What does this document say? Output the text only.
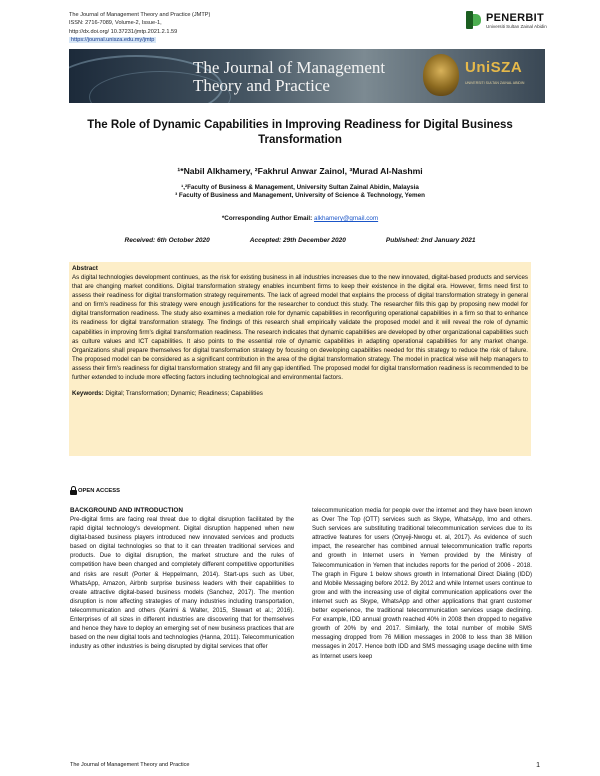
The Journal of Management Theory and Practice (JMTP)
ISSN: 2716-7089, Volume-2, Issue-1,
http://dx.doi.org/ 10.37231/jmtp.2021.2.1.59
https://journal.unisza.edu.my/jmtp
PENERBIT
Universiti Sultan Zainal Abidin
The Journal of Management
Theory and Practice
UniSZA
UNIVERSITI SULTAN ZAINAL ABIDIN
The Role of Dynamic Capabilities in Improving Readiness for Digital Business Transformation
¹*Nabil Alkhamery, ²Fakhrul Anwar Zainol, ³Murad Al-Nashmi
¹,²Faculty of Business & Management, University Sultan Zainal Abidin, Malaysia
³ Faculty of Business and Management, University of Science & Technology, Yemen
*Corresponding Author Email: alkhamery@gmail.com
Received: 6th October 2020	Accepted: 29th December 2020	Published: 2nd January 2021
Abstract
As digital technologies development continues, as the risk for existing business in all industries increases due to the new innovated, digital-based products and services that are changing market conditions. Digital transformation strategy enables incumbent firms to keep their existence in the digital era. However, firms need first to assess their readiness for digital transformation strategy requirements. The lack of agreed model that explains the process of digital transformation strategy in general and on firm's readiness for this strategy were enough justifications for the researcher to conduct this study. The researcher fills this gap by proposing new model for digital transformation readiness. The study also examines a mediation role for dynamic capabilities in reconfiguring operational capabilities in a firm so that to enhance its readiness for digital transformation strategy. The findings of this research shall empirically validate the proposed model and it will reveal the role of dynamic capabilities in improving firm's digital transformation readiness. The research indicates that dynamic capabilities are developed by other organizational capabilities such as culture values and ICT capabilities. It also points to the essential role of dynamic capabilities in adapting operational capabilities for any market change. Organizations shall prepare themselves for digital transformation strategy by focusing on developing capabilities needed for this strategy to reduce the risk of failure. The proposed model can be considered as a significant contribution in the area of the digital transformation strategy. The model in practical wise will help managers to assess their firm's readiness for digital transformation strategy and fill any gap identified. The proposed model for digital transformation readiness is recommended to be further extended to include more effecting factors including technological and environmental factors.
Keywords: Digital; Transformation; Dynamic; Readiness; Capabilities
OPEN ACCESS
BACKGROUND AND INTRODUCTION
Pre-digital firms are facing real threat due to digital disruption facilitated by the rapid digital technology's development. Digital disruption happened when new digital-based business players introduced new innovated services and products based on digital technologies so that to it can threaten traditional services and products. Due to digital disruption, the market structure and the rules of competition have been changed and completely different competitive opportunities and risks are result (Porter & Heppelmann, 2014). Start-ups such as Uber, WhatsApp, Amazon, Airbnb surprise business leaders with their capabilities to create attractive digital-based business models (Sanchez, 2017). The mention disruption is now affecting strategies of many industries including transportation, telecommunication and others (Karimi & Walter, 2015, Stewart et al.; 2016). Enterprises of all sizes in different industries are discovering that for themselves and hence they have to deploy an emerging set of new business practices that are based on the new digital tools and technologies (Hanna, 2011). Telecommunication industry as other industries is being disrupted by digital services that offer
telecommunication media for people over the internet and they have been known as Over The Top (OTT) services such as Skype, WhatsApp, Imo and others. Such services are substituting traditional telecommunication services due to its attractive features for users (Onyeji-Nwogu et. al, 2017). As evidence of such impact, the researcher has combined annual telecommunication traffic reports and growth in Internet users in Yemen provided by the Ministry of Telecommunication in Yemen that includes reports for the period of 2006 - 2018. The graph in Figure 1 below shows growth in International Direct Dialing (IDD) and Mobile Messaging before 2012. By 2012 and while Internet users continue to grow and with the increasing use of digital communication applications over the internet such as Skype, WhatsApp and other applications that grant customer better experience, the traditional telecommunication services usage declining. For example, IDD annual growth reached 40% in 2008 then dropped to negative growth of 20% by end 2017. Similarly, the total number of mobile SMS messaging dropped from 76 Million messages in 2008 to less than 38 Million messages in 2017. Hence both IDD and SMS messaging usage decline with time as Internet users keep
The Journal of Management Theory and Practice	1
